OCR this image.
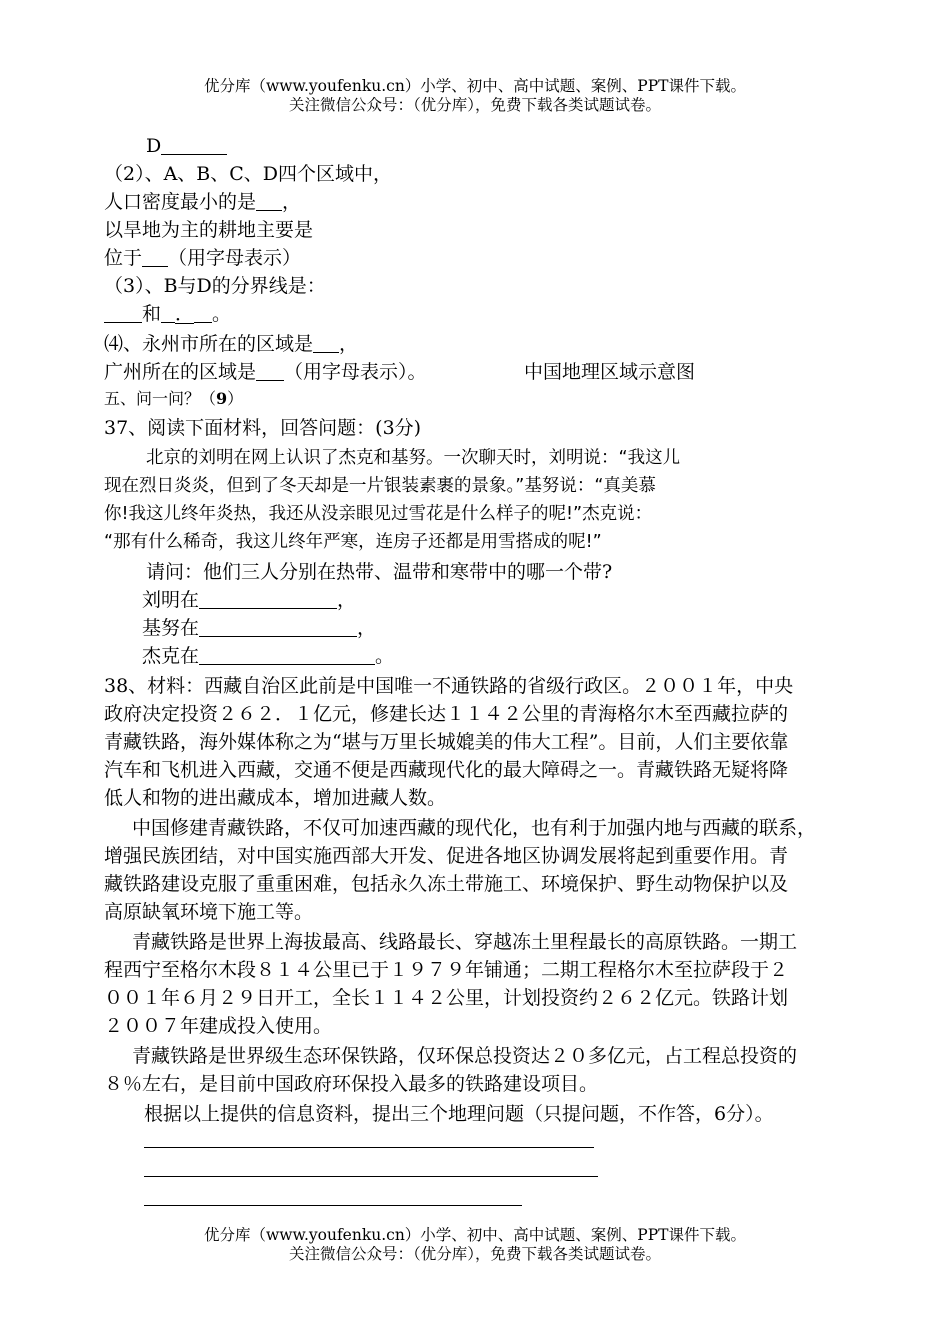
优分库（www.youfenku.cn）小学、初中、高中试题、案例、PPT课件下载。
关注微信公众号：（优分库），免费下载各类试题试卷。
D
（2）、A、B、C、D四个区域中，
人口密度最小的是 ，
以旱地为主的耕地主要是
位于 （用字母表示）
（3）、B与D的分界线是：
和 ． 。
⑷、永州市所在的区域是 ，
广州所在的区域是 （用字母表示）。	中国地理区域示意图
五、问一问？（9）
37、阅读下面材料，回答问题：(3分)
北京的刘明在网上认识了杰克和基努。一次聊天时，刘明说：“我这儿
现在烈日炎炎，但到了冬天却是一片银装素裹的景象。”基努说：“真美慕
你!我这儿终年炎热，我还从没亲眼见过雪花是什么样子的呢!”杰克说：
“那有什么稀奇，我这儿终年严寒，连房子还都是用雪搭成的呢!”
请问：他们三人分别在热带、温带和寒带中的哪一个带?
刘明在	，
基努在	，
杰克在	。
38、材料：西藏自治区此前是中国唯一不通铁路的省级行政区。２００１年，中央
政府决定投资２６２．１亿元，修建长达１１４２公里的青海格尔木至西藏拉萨的
青藏铁路，海外媒体称之为“堪与万里长城媲美的伟大工程”。目前，人们主要依靠
汽车和飞机进入西藏，交通不便是西藏现代化的最大障碍之一。青藏铁路无疑将降
低人和物的进出藏成本，增加进藏人数。
中国修建青藏铁路，不仅可加速西藏的现代化，也有利于加强内地与西藏的联系，
增强民族团结，对中国实施西部大开发、促进各地区协调发展将起到重要作用。青
藏铁路建设克服了重重困难，包括永久冻土带施工、环境保护、野生动物保护以及
高原缺氧环境下施工等。
青藏铁路是世界上海拔最高、线路最长、穿越冻土里程最长的高原铁路。一期工
程西宁至格尔木段８１４公里已于１９７９年铺通；二期工程格尔木至拉萨段于２
００１年６月２９日开工，全长１１４２公里，计划投资约２６２亿元。铁路计划
２００７年建成投入使用。
青藏铁路是世界级生态环保铁路，仅环保总投资达２０多亿元，占工程总投资的
８％左右，是目前中国政府环保投入最多的铁路建设项目。
根据以上提供的信息资料，提出三个地理问题（只提问题，不作答，6分）。
优分库（www.youfenku.cn）小学、初中、高中试题、案例、PPT课件下载。
关注微信公众号：（优分库），免费下载各类试题试卷。
